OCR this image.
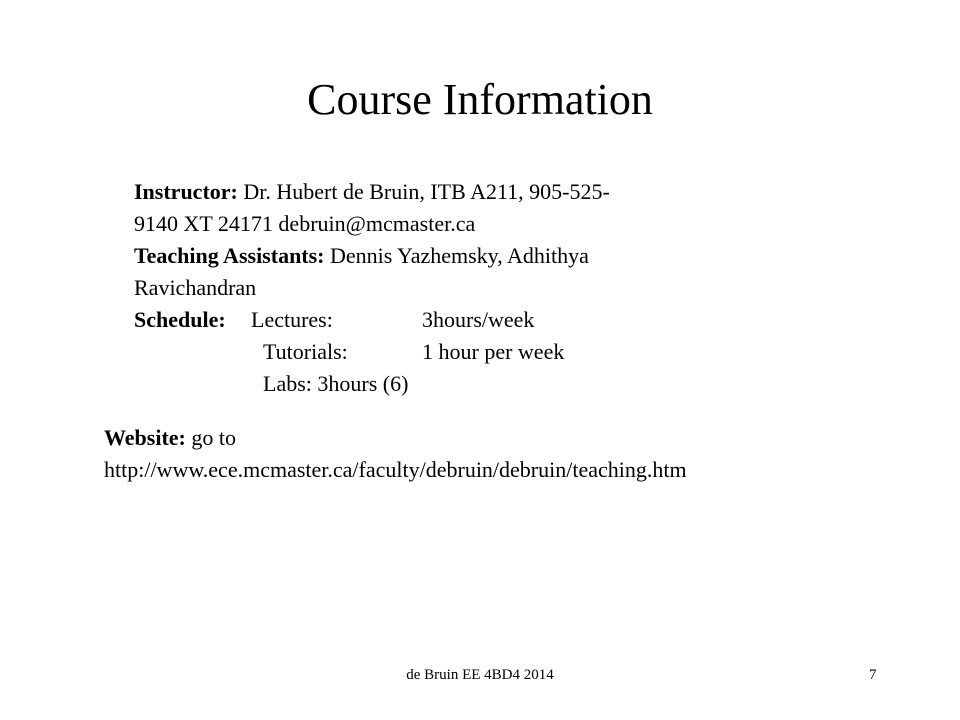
Course Information
Instructor: Dr. Hubert de Bruin, ITB A211, 905-525-
9140 XT 24171 debruin@mcmaster.ca
Teaching Assistants: Dennis Yazhemsky, Adhithya
Ravichandran
Schedule: Lectures:	3hours/week
Tutorials:	1 hour per week
Labs: 3hours (6)
Website: go to
http://www.ece.mcmaster.ca/faculty/debruin/debruin/teaching.htm
de Bruin EE 4BD4 2014	7
